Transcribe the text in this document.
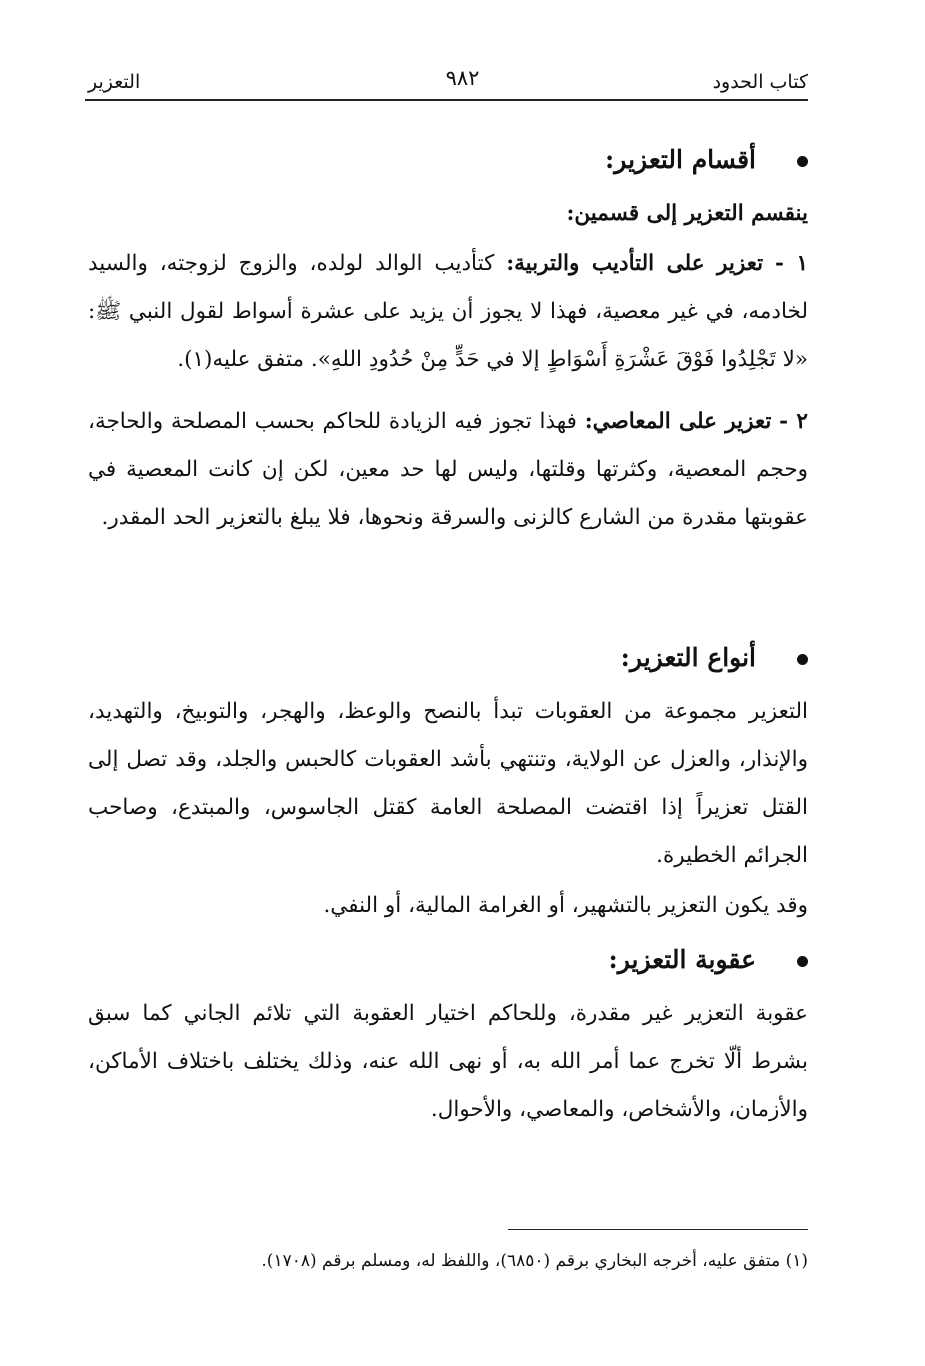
كتاب الحدود
٩٨٢
التعزير
أقسام التعزير:

ينقسم التعزير إلى قسمين:

١ - تعزير على التأديب والتربية: كتأديب الوالد لولده، والزوج لزوجته، والسيد لخادمه، في غير معصية، فهذا لا يجوز أن يزيد على عشرة أسواط لقول النبي ﷺ: «لا تَجْلِدُوا فَوْقَ عَشْرَةِ أَسْوَاطٍ إلا في حَدٍّ مِنْ حُدُودِ اللهِ». متفق عليه(١).

٢ - تعزير على المعاصي: فهذا تجوز فيه الزيادة للحاكم بحسب المصلحة والحاجة، وحجم المعصية، وكثرتها وقلتها، وليس لها حد معين، لكن إن كانت المعصية في عقوبتها مقدرة من الشارع كالزنى والسرقة ونحوها، فلا يبلغ بالتعزير الحد المقدر.

أنواع التعزير:

التعزير مجموعة من العقوبات تبدأ بالنصح والوعظ، والهجر، والتوبيخ، والتهديد، والإنذار، والعزل عن الولاية، وتنتهي بأشد العقوبات كالحبس والجلد، وقد تصل إلى القتل تعزيراً إذا اقتضت المصلحة العامة كقتل الجاسوس، والمبتدع، وصاحب الجرائم الخطيرة.

وقد يكون التعزير بالتشهير، أو الغرامة المالية، أو النفي.

عقوبة التعزير:

عقوبة التعزير غير مقدرة، وللحاكم اختيار العقوبة التي تلائم الجاني كما سبق بشرط ألّا تخرج عما أمر الله به، أو نهى الله عنه، وذلك يختلف باختلاف الأماكن، والأزمان، والأشخاص، والمعاصي، والأحوال.

(١) متفق عليه، أخرجه البخاري برقم (٦٨٥٠)، واللفظ له، ومسلم برقم (١٧٠٨).
